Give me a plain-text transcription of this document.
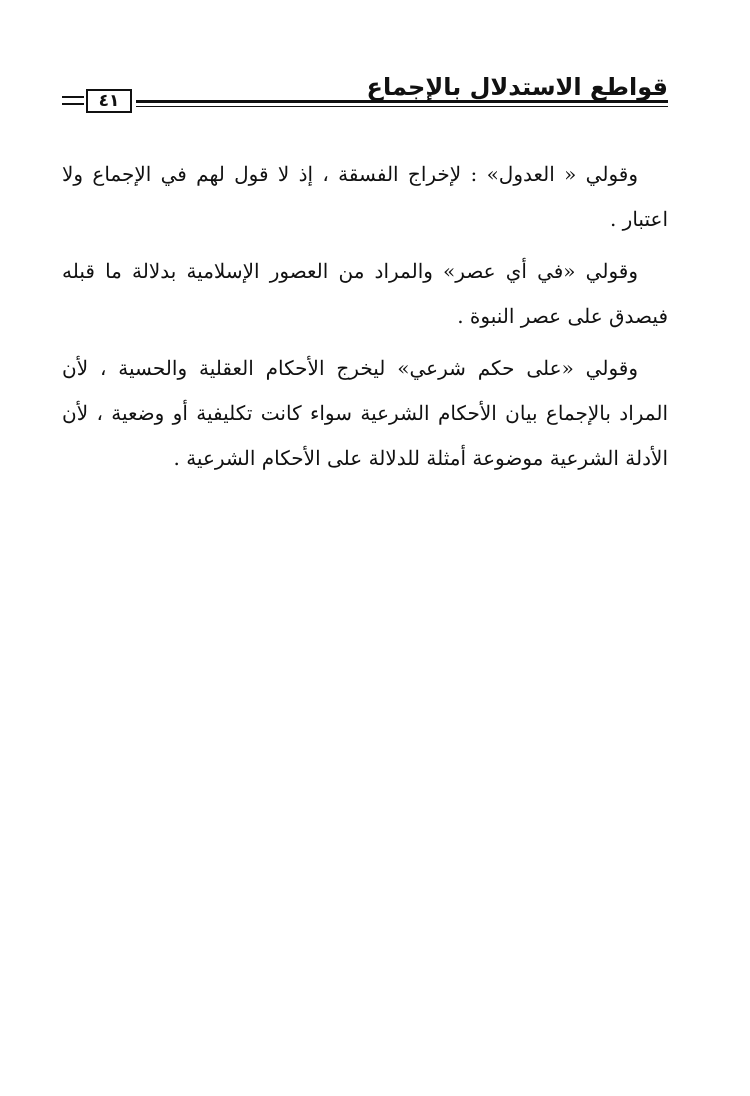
قواطع الاستدلال بالإجماع
٤١

وقولي « العدول» : لإخراج الفسقة ، إذ لا قول لهم في الإجماع ولا اعتبار .

وقولي «في أي عصر» والمراد من العصور الإسلامية بدلالة ما قبله فيصدق على عصر النبوة .

وقولي «على حكم شرعي» ليخرج الأحكام العقلية والحسية ، لأن المراد بالإجماع بيان الأحكام الشرعية سواء كانت تكليفية أو وضعية ، لأن الأدلة الشرعية موضوعة أمثلة للدلالة على الأحكام الشرعية .
